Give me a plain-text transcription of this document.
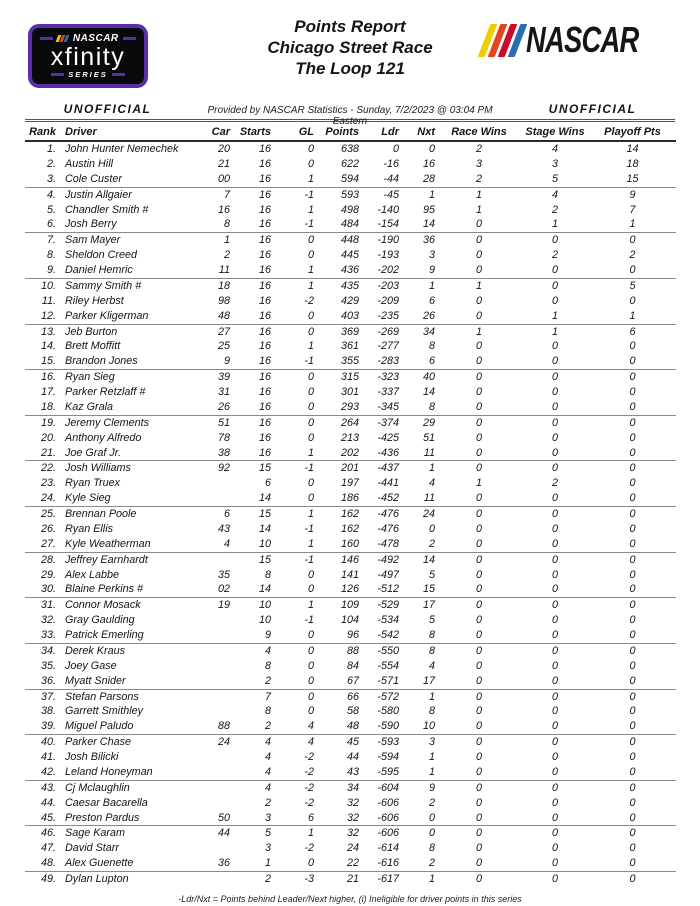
NASCAR
xfinity
SERIES
Points Report
Chicago Street Race
The Loop 121
NASCAR
UNOFFICIAL	Provided by NASCAR Statistics - Sunday, 7/2/2023 @ 03:04 PM Eastern
UNOFFICIAL
Rank	Driver	Car	Starts	GL	Points	Ldr	Nxt	Race Wins	Stage Wins	Playoff Pts
1.	John Hunter Nemechek	20	16	0	638	0	0	2	4	14
2.	Austin Hill	21	16	0	622	-16	16	3	3	18
3.	Cole Custer	00	16	1	594	-44	28	2	5	15
4.	Justin Allgaier	7	16	-1	593	-45	1	1	4	9
5.	Chandler Smith #	16	16	1	498	-140	95	1	2	7
6.	Josh Berry	8	16	-1	484	-154	14	0	1	1
7.	Sam Mayer	1	16	0	448	-190	36	0	0	0
8.	Sheldon Creed	2	16	0	445	-193	3	0	2	2
9.	Daniel Hemric	11	16	1	436	-202	9	0	0	0
10.	Sammy Smith #	18	16	1	435	-203	1	1	0	5
11.	Riley Herbst	98	16	-2	429	-209	6	0	0	0
12.	Parker Kligerman	48	16	0	403	-235	26	0	1	1
13.	Jeb Burton	27	16	0	369	-269	34	1	1	6
14.	Brett Moffitt	25	16	1	361	-277	8	0	0	0
15.	Brandon Jones	9	16	-1	355	-283	6	0	0	0
16.	Ryan Sieg	39	16	0	315	-323	40	0	0	0
17.	Parker Retzlaff #	31	16	0	301	-337	14	0	0	0
18.	Kaz Grala	26	16	0	293	-345	8	0	0	0
19.	Jeremy Clements	51	16	0	264	-374	29	0	0	0
20.	Anthony Alfredo	78	16	0	213	-425	51	0	0	0
21.	Joe Graf Jr.	38	16	1	202	-436	11	0	0	0
22.	Josh Williams	92	15	-1	201	-437	1	0	0	0
23.	Ryan Truex		6	0	197	-441	4	1	2	0
24.	Kyle Sieg		14	0	186	-452	11	0	0	0
25.	Brennan Poole	6	15	1	162	-476	24	0	0	0
26.	Ryan Ellis	43	14	-1	162	-476	0	0	0	0
27.	Kyle Weatherman	4	10	1	160	-478	2	0	0	0
28.	Jeffrey Earnhardt		15	-1	146	-492	14	0	0	0
29.	Alex Labbe	35	8	0	141	-497	5	0	0	0
30.	Blaine Perkins #	02	14	0	126	-512	15	0	0	0
31.	Connor Mosack	19	10	1	109	-529	17	0	0	0
32.	Gray Gaulding		10	-1	104	-534	5	0	0	0
33.	Patrick Emerling		9	0	96	-542	8	0	0	0
34.	Derek Kraus		4	0	88	-550	8	0	0	0
35.	Joey Gase		8	0	84	-554	4	0	0	0
36.	Myatt Snider		2	0	67	-571	17	0	0	0
37.	Stefan Parsons		7	0	66	-572	1	0	0	0
38.	Garrett Smithley		8	0	58	-580	8	0	0	0
39.	Miguel Paludo	88	2	4	48	-590	10	0	0	0
40.	Parker Chase	24	4	4	45	-593	3	0	0	0
41.	Josh Bilicki		4	-2	44	-594	1	0	0	0
42.	Leland Honeyman		4	-2	43	-595	1	0	0	0
43.	Cj Mclaughlin		4	-2	34	-604	9	0	0	0
44.	Caesar Bacarella		2	-2	32	-606	2	0	0	0
45.	Preston Pardus	50	3	6	32	-606	0	0	0	0
46.	Sage Karam	44	5	1	32	-606	0	0	0	0
47.	David Starr		3	-2	24	-614	8	0	0	0
48.	Alex Guenette	36	1	0	22	-616	2	0	0	0
49.	Dylan Lupton		2	-3	21	-617	1	0	0	0
-Ldr/Nxt = Points behind Leader/Next higher, (i) Ineligible for driver points in this series
